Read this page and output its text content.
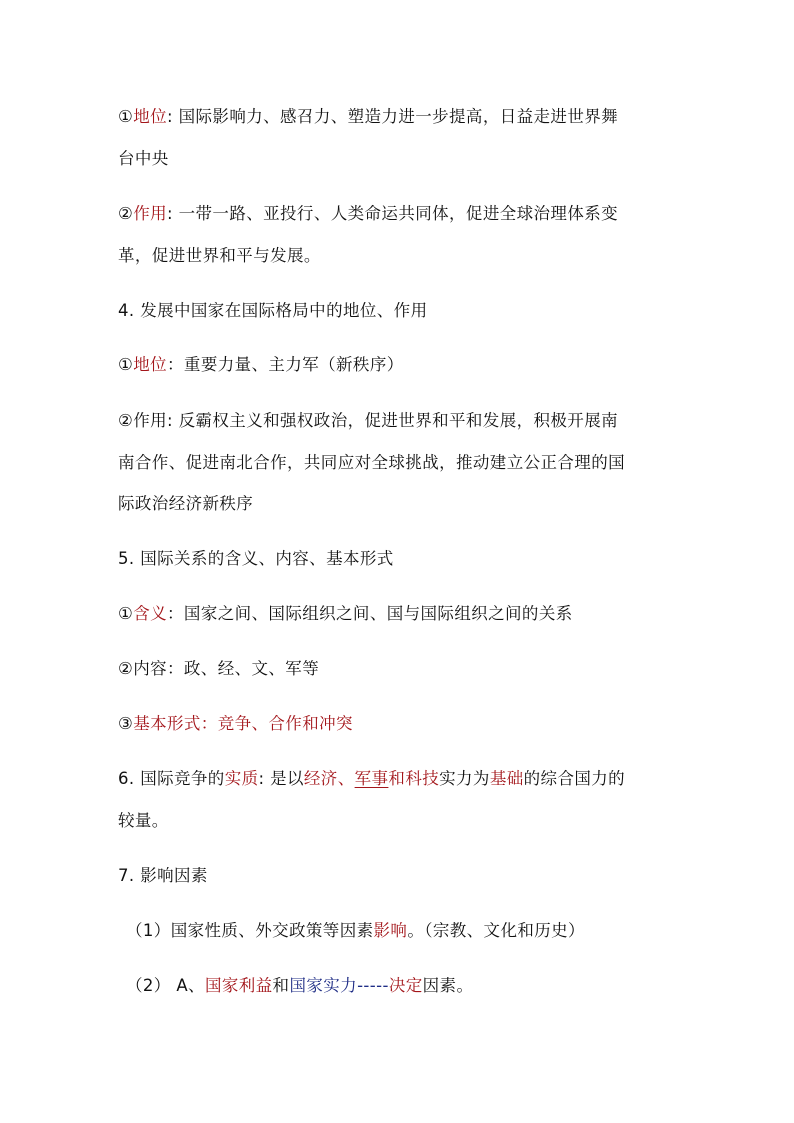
①地位: 国际影响力、感召力、塑造力进一步提高，日益走进世界舞
台中央
②作用: 一带一路、亚投行、人类命运共同体，促进全球治理体系变
革，促进世界和平与发展。
4. 发展中国家在国际格局中的地位、作用
①地位：重要力量、主力军（新秩序）
②作用: 反霸权主义和强权政治，促进世界和平和发展，积极开展南
南合作、促进南北合作，共同应对全球挑战，推动建立公正合理的国
际政治经济新秩序
5. 国际关系的含义、内容、基本形式
①含义：国家之间、国际组织之间、国与国际组织之间的关系
②内容：政、经、文、军等
③基本形式：竞争、合作和冲突
6. 国际竞争的实质: 是以经济、军事和科技实力为基础的综合国力的
较量。
7. 影响因素
（1）国家性质、外交政策等因素影响。（宗教、文化和历史）
（2） A、国家利益和国家实力-----决定因素。
